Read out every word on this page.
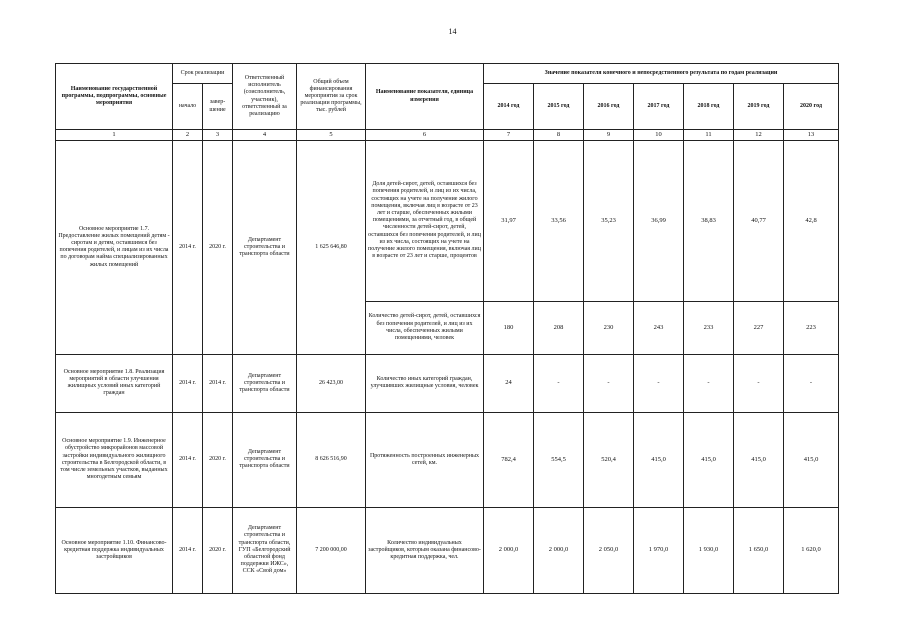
14
Наименование государственной программы, подпрограммы, основные мероприятия	Срок реализации		Ответственный исполнитель (соисполнитель, участник), ответственный за реализацию	Общий объем финансирования мероприятия за срок реализации программы, тыс. рублей	Наименование показателя, единица измерения	Значение показателя конечного и непосредственного результата по годам реализации						
	начало	завер-шение				2014 год	2015 год	2016 год	2017 год	2018 год	2019 год	2020 год
1	2	3	4	5	6	7	8	9	10	11	12	13
Основное мероприятие 1.7. Предоставление жилых помещений детям - сиротам и детям, оставшимся без попечения родителей, и лицам из их числа по договорам найма специализированных жилых помещений	2014 г.	2020 г.	Департамент строительства и транспорта области	1 625 646,80	Доля детей-сирот, детей, оставшихся без попечения родителей, и лиц из их числа, состоящих на учете на получение жилого помещения, включая лиц в возрасте от 23 лет и старше, обеспеченных жилыми помещениями, за отчетный год, в общей численности детей-сирот, детей, оставшихся без попечения родителей, и лиц из их числа, состоящих на учете на получение жилого помещения, включая лиц в возрасте от 23 лет и старше, процентов	31,97	33,56	35,23	36,99	38,83	40,77	42,8
					Количество детей-сирот, детей, оставшихся без попечения родителей, и лиц из их числа, обеспеченных жилыми помещениями, человек	180	208	230	243	233	227	223
Основное мероприятие 1.8. Реализация мероприятий в области улучшения жилищных условий иных категорий граждан	2014 г.	2014 г.	Департамент строительства и транспорта области	26 423,00	Количество иных категорий граждан, улучшивших жилищные условия, человек	24	-	-	-	-	-	-
Основное мероприятие 1.9. Инженерное обустройство микрорайонов массовой застройки индивидуального жилищного строительства в Белгородской области, в том числе земельных участков, выданных многодетным семьям	2014 г.	2020 г.	Департамент строительства и транспорта области	8 626 516,90	Протяженность построенных инженерных сетей, км.	782,4	554,5	520,4	415,0	415,0	415,0	415,0
Основное мероприятие 1.10. Финансово-кредитная поддержка индивидуальных застройщиков	2014 г.	2020 г.	Департамент строительства и транспорта области, ГУП «Белгородский областной фонд поддержки ИЖС», ССК «Свой дом»	7 200 000,00	Количество индивидуальных застройщиков, которым оказана финансово-кредитная поддержка, чел.	2 000,0	2 000,0	2 050,0	1 970,0	1 930,0	1 650,0	1 620,0
